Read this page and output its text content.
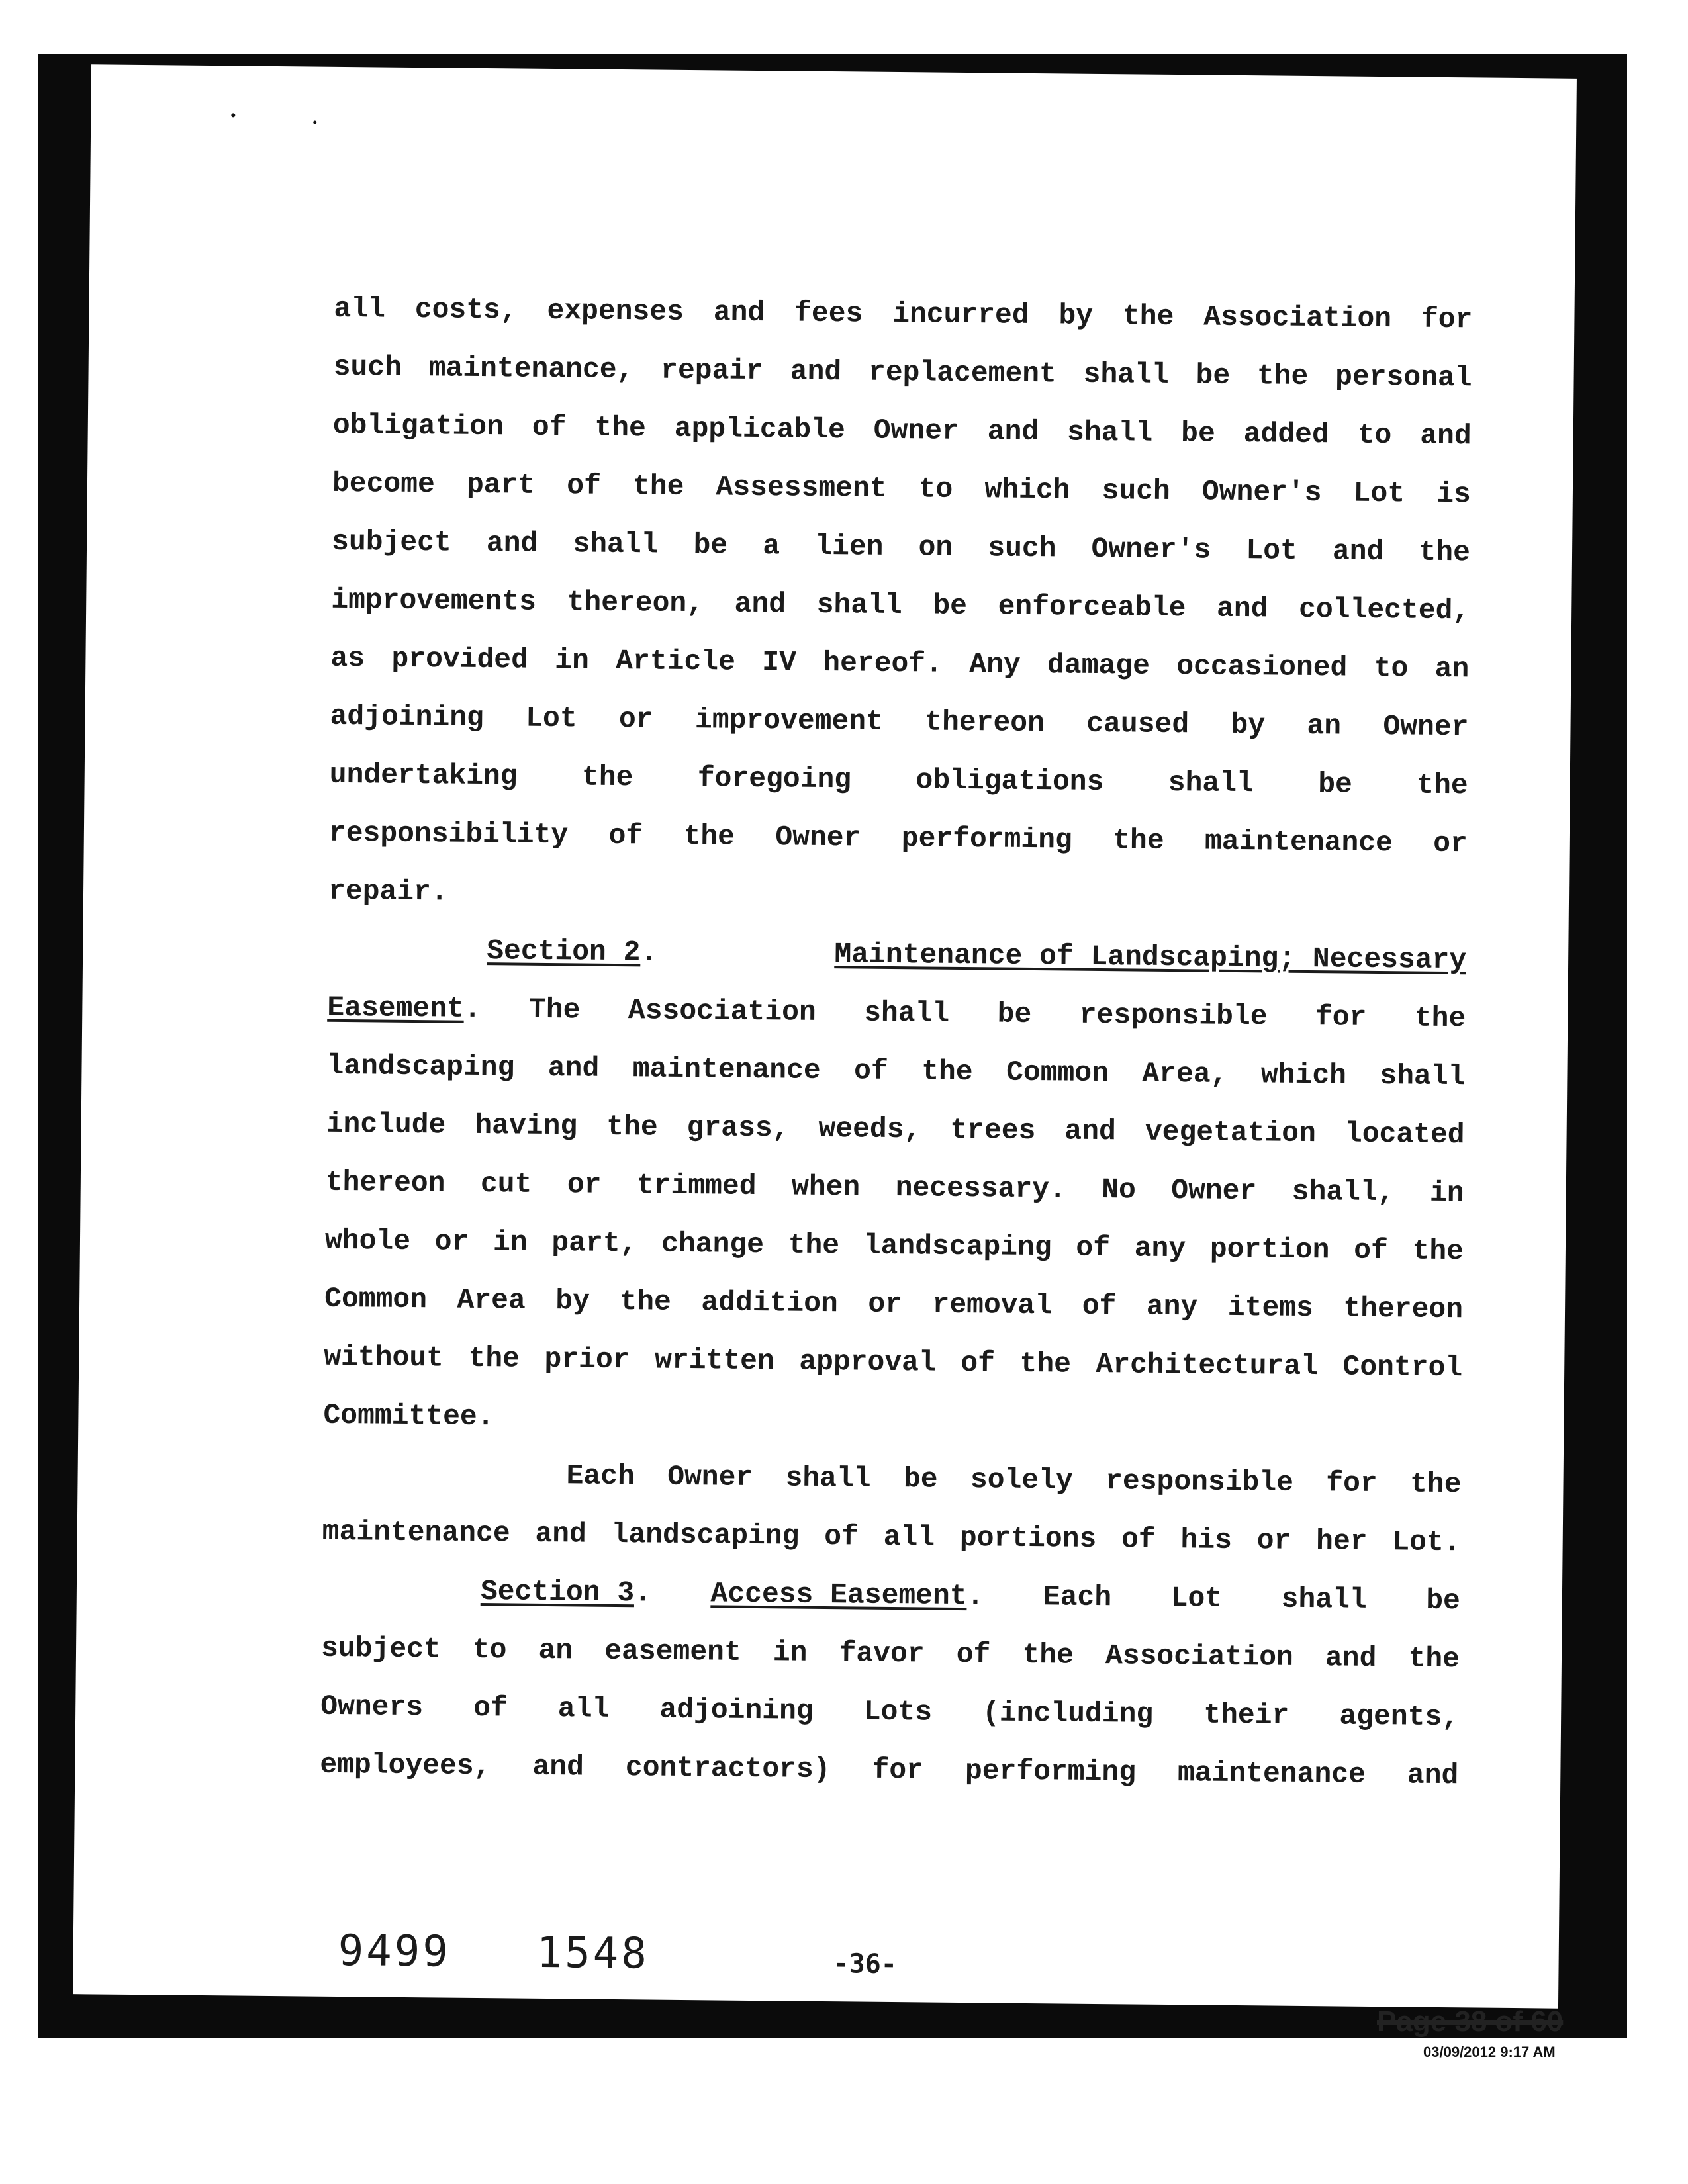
all costs, expenses and fees incurred by the Association for
such maintenance, repair and replacement shall be the personal
obligation of the applicable Owner and shall be added to and
become part of the Assessment to which such Owner's Lot is
subject and shall be a lien on such Owner's Lot and the
improvements thereon, and shall be enforceable and collected,
as provided in Article IV hereof. Any damage occasioned to an
adjoining Lot or improvement thereon caused by an Owner
undertaking the foregoing obligations shall be the
responsibility of the Owner performing the maintenance or
repair.
Section 2.	Maintenance of Landscaping; Necessary
Easement. The Association shall be responsible for the
landscaping and maintenance of the Common Area, which shall
include having the grass, weeds, trees and vegetation located
thereon cut or trimmed when necessary. No Owner shall, in
whole or in part, change the landscaping of any portion of the
Common Area by the addition or removal of any items thereon
without the prior written approval of the Architectural Control
Committee.
Each Owner shall be solely responsible for the
maintenance and landscaping of all portions of his or her Lot.
Section 3. Access Easement. Each Lot shall be
subject to an easement in favor of the Association and the
Owners of all adjoining Lots (including their agents,
employees, and contractors) for performing maintenance and
9499 1548	-36-
Page 38 of 60
03/09/2012 9:17 AM
